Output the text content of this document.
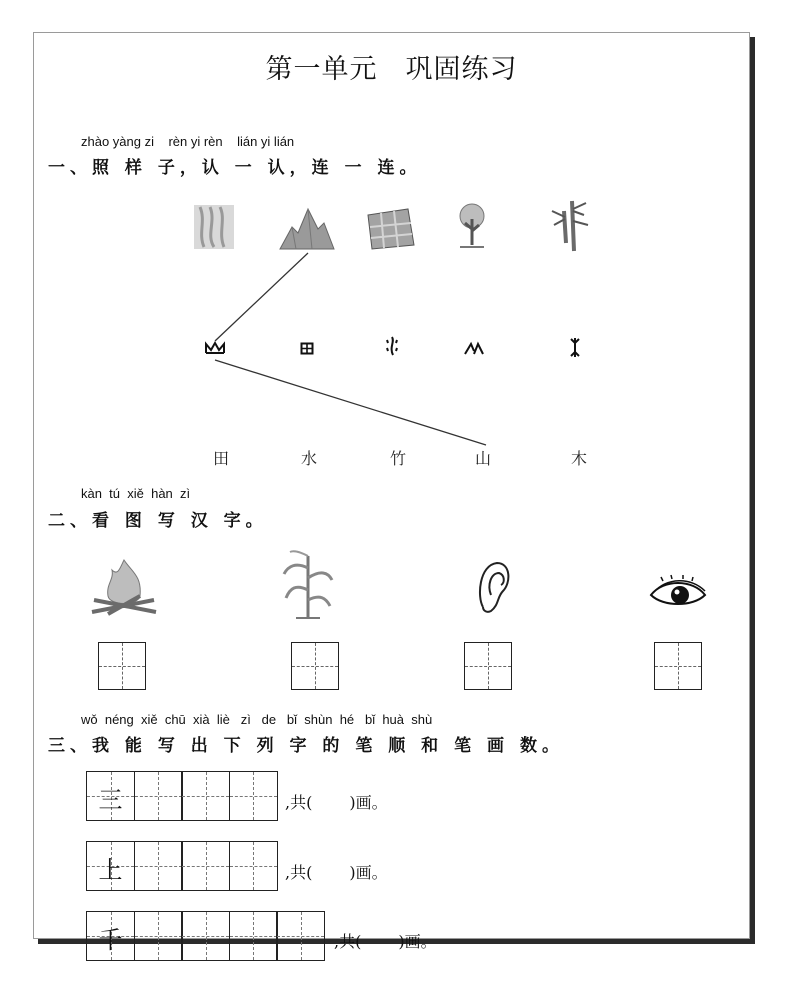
第一单元　巩固练习
zhào yàng zi    rèn yi rèn    lián yi lián
一、照 样 子，认 一 认，连 一 连。
田	水	竹	山	木
kàn  tú  xiě  hàn  zì
二、看 图 写 汉 字。
wǒ  néng  xiě  chū  xià  liè   zì   de   bǐ  shùn  hé   bǐ  huà  shù
三、我 能 写 出 下 列 字 的 笔 顺 和 笔 画 数。
三	,共(　　 )画。
上	,共(　　 )画。
千	,共(　　 )画。
